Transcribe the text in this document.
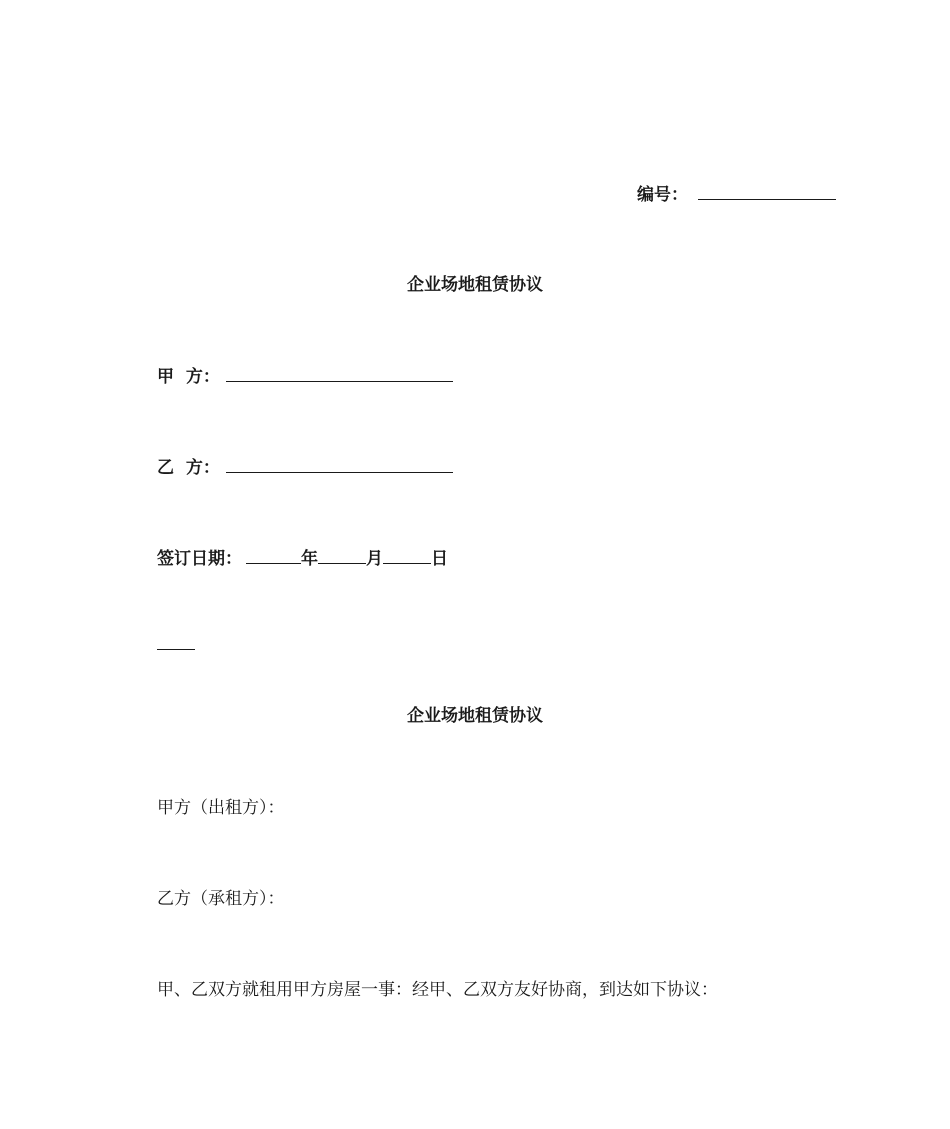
编号：
企业场地租赁协议
甲  方：
乙  方：
签订日期：	年	月	日
企业场地租赁协议
甲方（出租方）：
乙方（承租方）：
甲、乙双方就租用甲方房屋一事：经甲、乙双方友好协商，到达如下协议：
